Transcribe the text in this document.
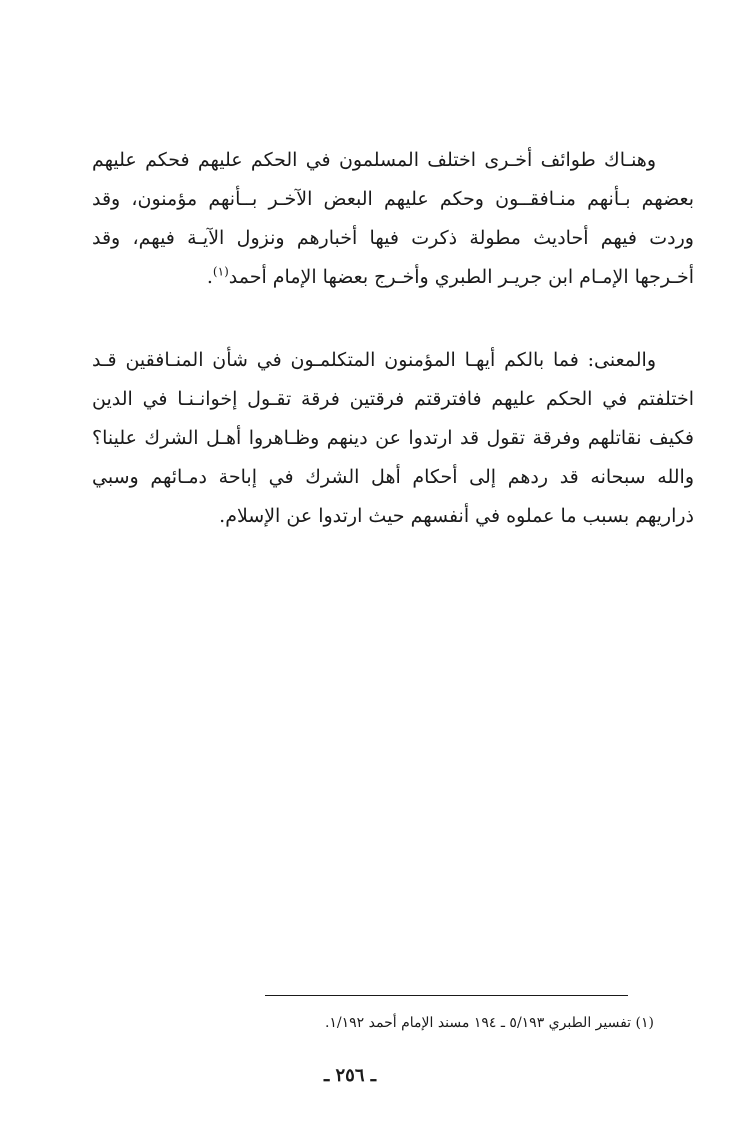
وهنـاك طوائف أخـرى اختلف المسلمون في الحكم عليهم فحكم عليهم بعضهم بـأنهم منـافقــون وحكم عليهم البعض الآخـر بــأنهم مؤمنون، وقد وردت فيهم أحاديث مطولة ذكرت فيها أخبارهم ونزول الآيـة فيهم، وقد أخـرجها الإمـام ابن جريـر الطبري وأخـرج بعضها الإمام أحمد$^{(١)}$.

والمعنى: فما بالكم أيهـا المؤمنون المتكلمـون في شأن المنـافقين قـد اختلفتم في الحكم عليهم فافترقتم فرقتين فرقة تقـول إخوانـنـا في الدين فكيف نقاتلهم وفرقة تقول قد ارتدوا عن دينهم وظـاهروا أهـل الشرك علينا؟ والله سبحانه قد ردهم إلى أحكام أهل الشرك في إباحة دمـائهم وسبي ذراريهم بسبب ما عملوه في أنفسهم حيث ارتدوا عن الإسلام.

(١) تفسير الطبري ٥/١٩٣ ـ ١٩٤ مسند الإمام أحمد ١/١٩٢.
ـ ٢٥٦ ـ
